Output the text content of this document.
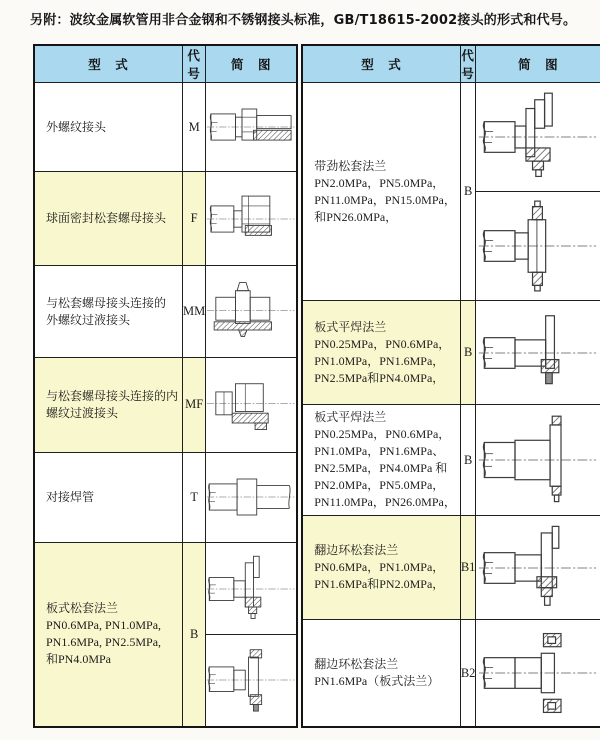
另附：波纹金属软管用非合金钢和不锈钢接头标准，GB/T18615-2002接头的形式和代号。
型　式	代号	简　图

外螺纹接头	M	

球面密封松套螺母接头	F	

与松套螺母接头连接的
外螺纹过液接头	MM	

与松套螺母接头连接的内
螺纹过渡接头	MF	

对接焊管	T	

板式松套法兰
PN0.6MPa, PN1.0MPa,
PN1.6MPa, PN2.5MPa,
和PN4.0MPa	B	
型　式	代号	简　图

带劲松套法兰
PN2.0MPa，PN5.0MPa，
PN11.0MPa，PN15.0MPa，
和PN26.0MPa，	B	

板式平焊法兰
PN0.25MPa，PN0.6MPa，
PN1.0MPa，PN1.6MPa，
PN2.5MPa和PN4.0MPa，	B	

板式平焊法兰
PN0.25MPa，PN0.6MPa，
PN1.0MPa，PN1.6MPa、
PN2.5MPa，PN4.0MPa 和
PN2.0MPa，PN5.0MPa，
PN11.0MPa，PN26.0MPa，
	B	

翻边环松套法兰
PN0.6MPa，PN1.0MPa，
PN1.6MPa和PN2.0MPa，	B1	

翻边环松套法兰
PN1.6MPa（板式法兰）	B2	
